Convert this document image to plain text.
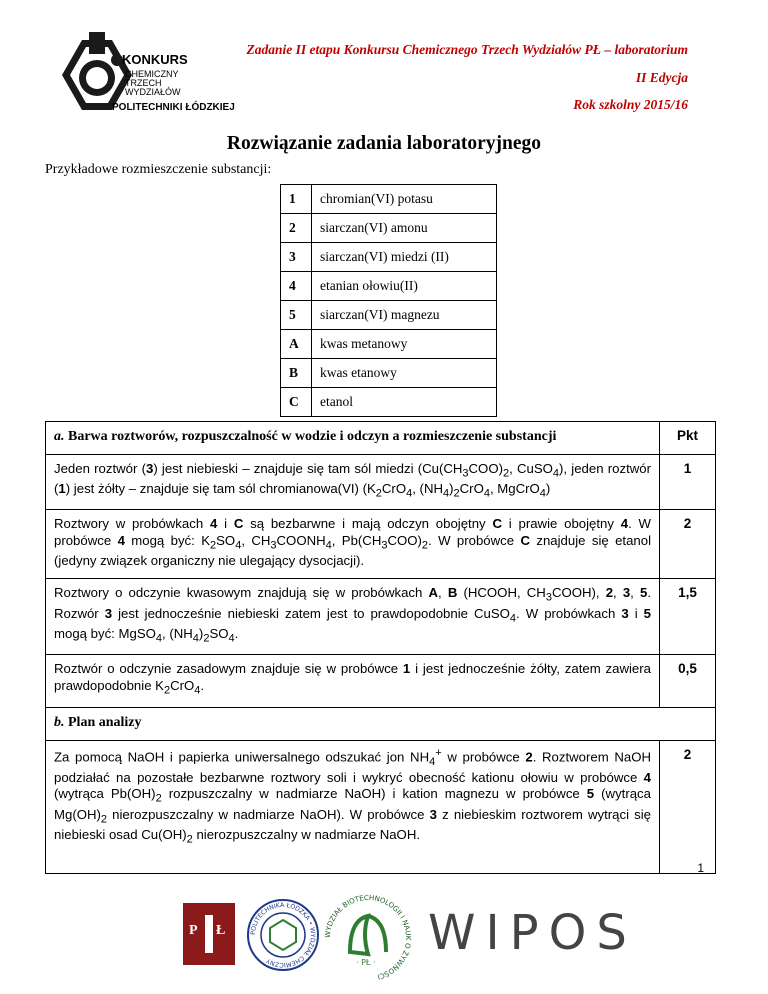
KONKURS
CHEMICZNY
TRZECH
WYDZIAŁÓW
POLITECHNIKI ŁÓDZKIEJ
Zadanie II etapu Konkursu Chemicznego Trzech Wydziałów PŁ – laboratorium
II Edycja
Rok szkolny 2015/16
Rozwiązanie zadania laboratoryjnego
Przykładowe rozmieszczenie substancji:
1	chromian(VI) potasu
2	siarczan(VI) amonu
3	siarczan(VI) miedzi (II)
4	etanian ołowiu(II)
5	siarczan(VI) magnezu
A	kwas metanowy
B	kwas etanowy
C	etanol
a. Barwa roztworów, rozpuszczalność w wodzie i odczyn a rozmieszczenie substancji	Pkt
Jeden roztwór (3) jest niebieski – znajduje się tam sól miedzi ($Cu(CH_3COO)_2$, CuSO$_4$), jeden roztwór (1) jest żółty – znajduje się tam sól chromianowa(VI) ($K_2CrO_4$, $(NH_4)_2CrO_4$, MgCrO$_4$)	1
Roztwory w probówkach 4 i C są bezbarwne i mają odczyn obojętny C i prawie obojętny 4. W probówce 4 mogą być: $K_2SO_4$, $CH_3COONH_4$, $Pb(CH_3COO)_2$. W probówce C znajduje się etanol (jedyny związek organiczny nie ulegający dysocjacji).	2
Roztwory o odczynie kwasowym znajdują się w probówkach A, B (HCOOH, $CH_3COOH$), 2, 3, 5. Rozwór 3 jest jednocześnie niebieski zatem jest to prawdopodobnie CuSO$_4$. W probówkach 3 i 5 mogą być: MgSO$_4$, $(NH_4)_2SO_4$.	1,5
Roztwór o odczynie zasadowym znajduje się w probówce 1 i jest jednocześnie żółty, zatem zawiera prawdopodobnie $K_2CrO_4$.	0,5
b. Plan analizy	
Za pomocą NaOH i papierka uniwersalnego odszukać jon $NH_4^+$ w probówce 2. Roztworem NaOH podziałać na pozostałe bezbarwne roztwory soli i wykryć obecność kationu ołowiu w probówce 4 (wytrąca $Pb(OH)_2$ rozpuszczalny w nadmiarze NaOH) i kation magnezu w probówce 5 (wytrąca $Mg(OH)_2$ nierozpuszczalny w nadmiarze NaOH). W probówce 3 z niebieskim roztworem wytrąci się niebieski osad $Cu(OH)_2$ nierozpuszczalny w nadmiarze NaOH.	2
1
P Ł	POLITECHNIKA ŁÓDZKA • WYDZIAŁ CHEMICZNY
WYDZIAŁ BIOTECHNOLOGII I NAUK O ŻYWNOŚCI
· PŁ ·
WIPOS
